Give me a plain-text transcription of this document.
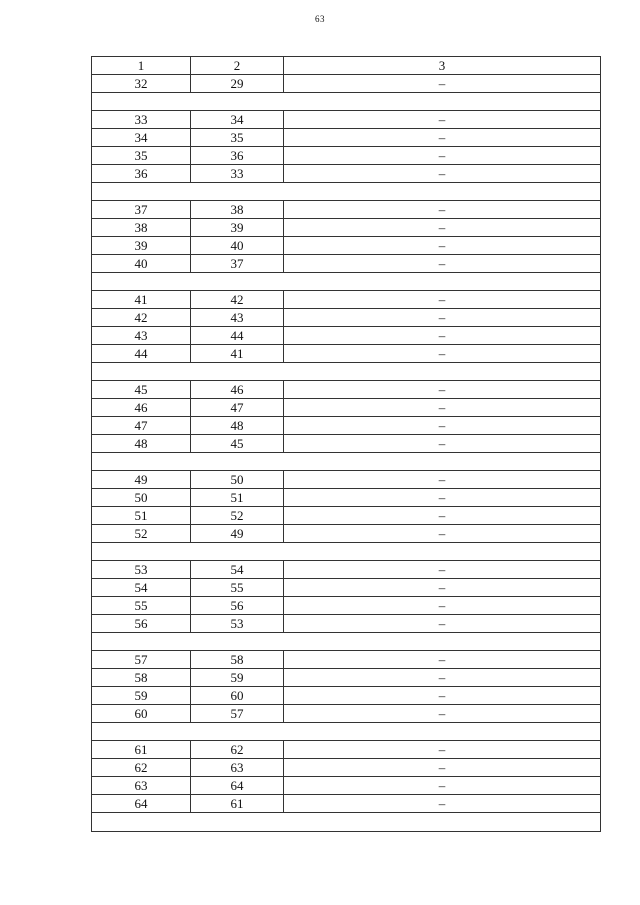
63
1	2	3
32	29	–
33	34	–
34	35	–
35	36	–
36	33	–
37	38	–
38	39	–
39	40	–
40	37	–
41	42	–
42	43	–
43	44	–
44	41	–
45	46	–
46	47	–
47	48	–
48	45	–
49	50	–
50	51	–
51	52	–
52	49	–
53	54	–
54	55	–
55	56	–
56	53	–
57	58	–
58	59	–
59	60	–
60	57	–
61	62	–
62	63	–
63	64	–
64	61	–
